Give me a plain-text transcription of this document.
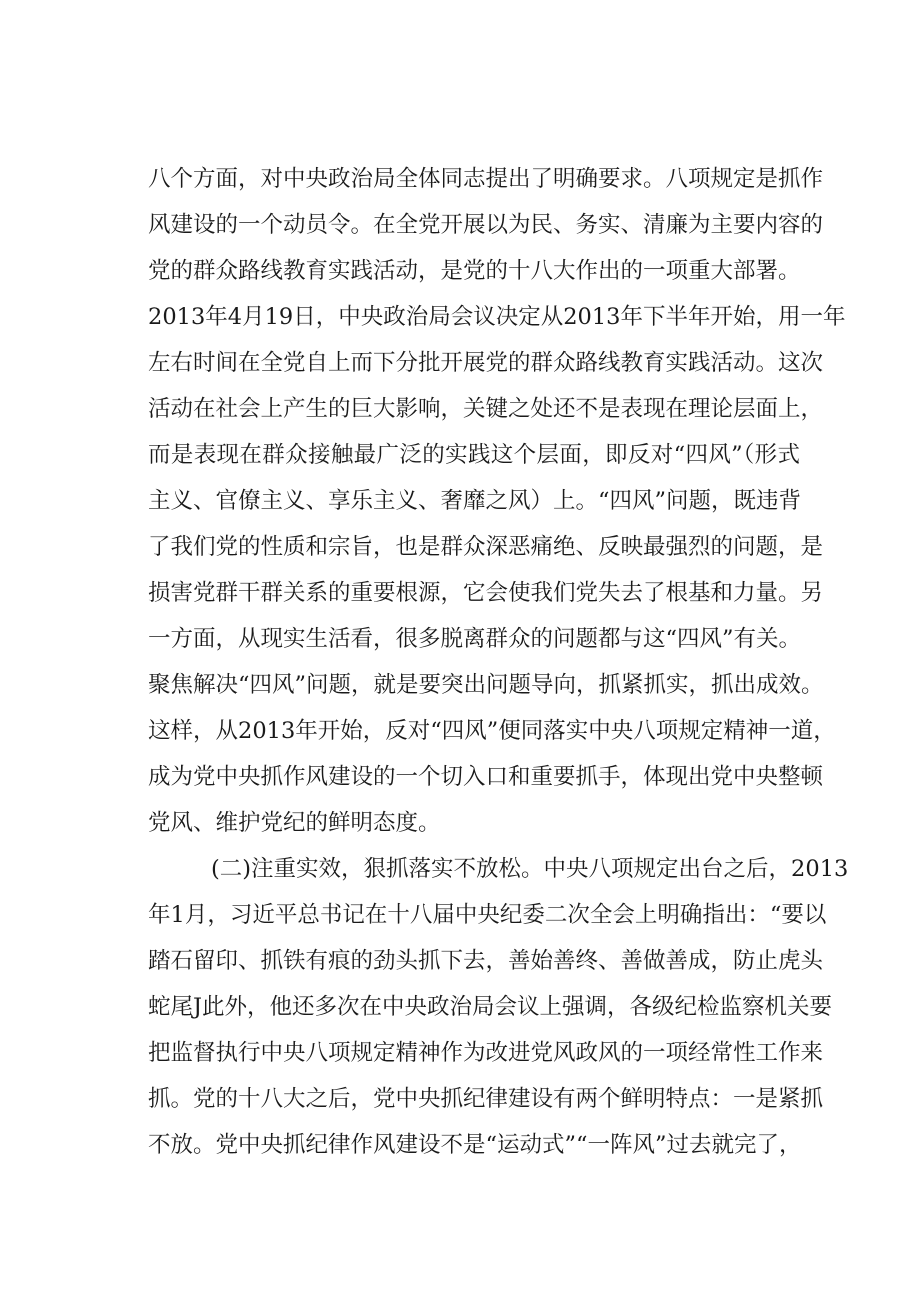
八个方面，对中央政治局全体同志提出了明确要求。八项规定是抓作
风建设的一个动员令。在全党开展以为民、务实、清廉为主要内容的
党的群众路线教育实践活动，是党的十八大作出的一项重大部署。
2013年4月19日，中央政治局会议决定从2013年下半年开始，用一年
左右时间在全党自上而下分批开展党的群众路线教育实践活动。这次
活动在社会上产生的巨大影响，关键之处还不是表现在理论层面上，
而是表现在群众接触最广泛的实践这个层面，即反对“四风”（形式
主义、官僚主义、享乐主义、奢靡之风）上。“四风”问题，既违背
了我们党的性质和宗旨，也是群众深恶痛绝、反映最强烈的问题，是
损害党群干群关系的重要根源，它会使我们党失去了根基和力量。另
一方面，从现实生活看，很多脱离群众的问题都与这“四风”有关。
聚焦解决“四风”问题，就是要突出问题导向，抓紧抓实，抓出成效。
这样，从2013年开始，反对“四风”便同落实中央八项规定精神一道，
成为党中央抓作风建设的一个切入口和重要抓手，体现出党中央整顿
党风、维护党纪的鲜明态度。
(二)注重实效，狠抓落实不放松。中央八项规定出台之后，2013
年1月，习近平总书记在十八届中央纪委二次全会上明确指出：“要以
踏石留印、抓铁有痕的劲头抓下去，善始善终、善做善成，防止虎头
蛇尾J此外，他还多次在中央政治局会议上强调，各级纪检监察机关要
把监督执行中央八项规定精神作为改进党风政风的一项经常性工作来
抓。党的十八大之后，党中央抓纪律建设有两个鲜明特点：一是紧抓
不放。党中央抓纪律作风建设不是“运动式”“一阵风”过去就完了，
